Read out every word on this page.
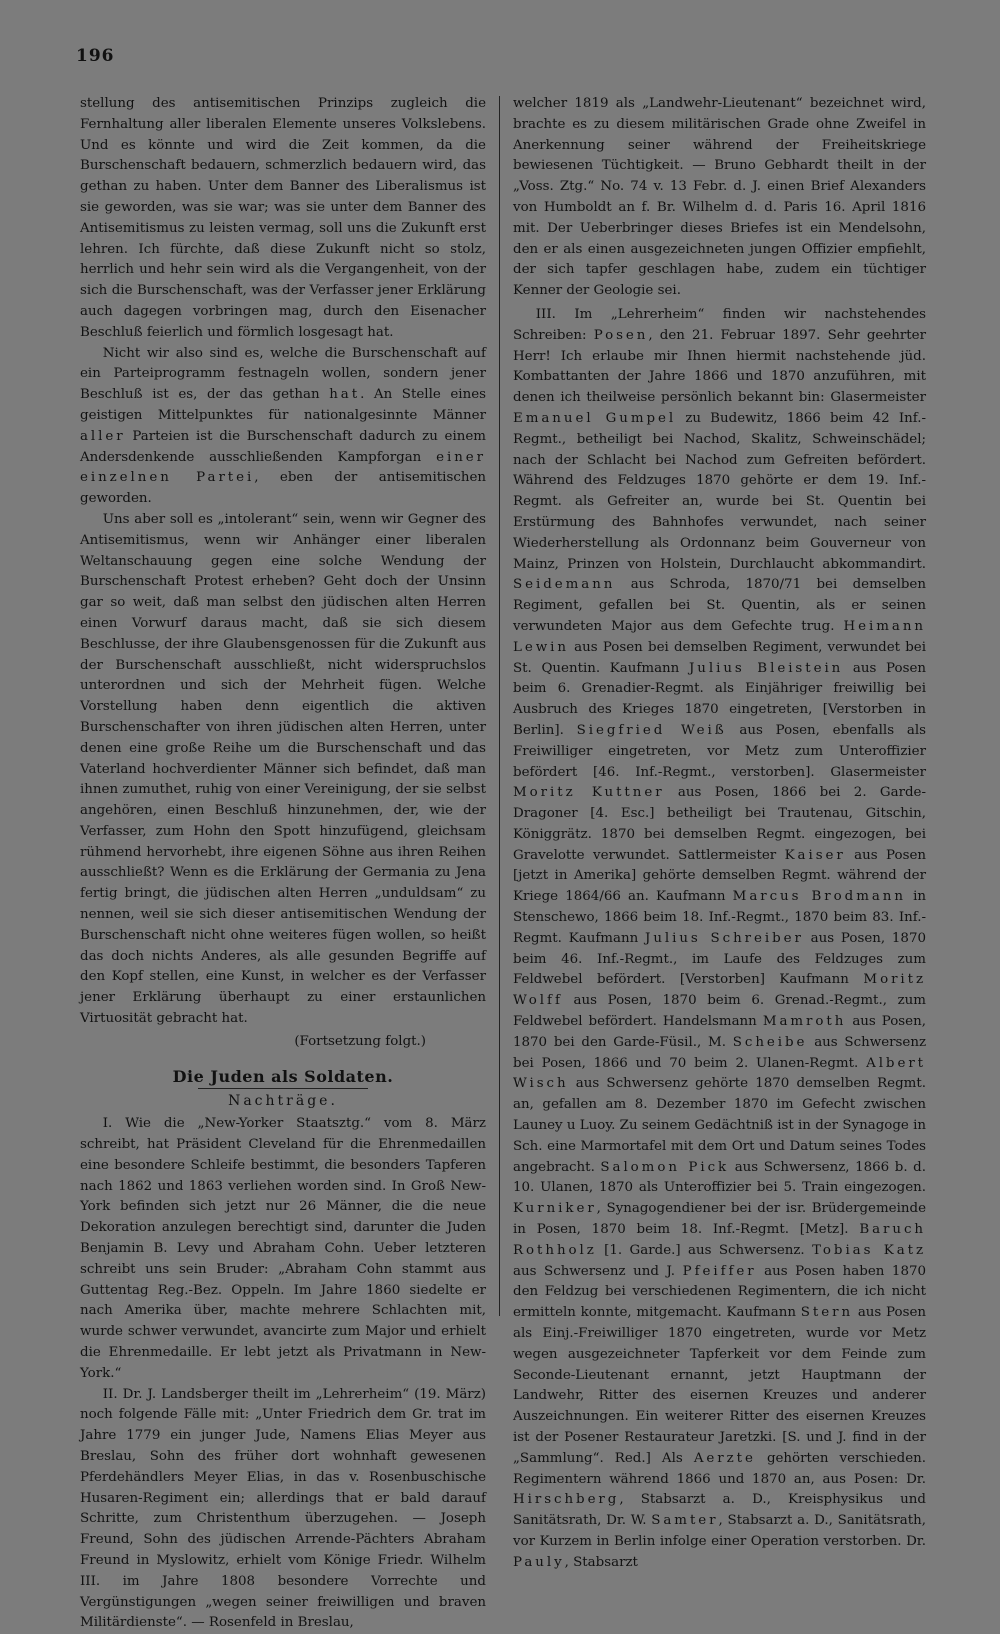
196

stellung des antisemitischen Prinzips zugleich die Fernhaltung aller liberalen Elemente unseres Volkslebens. Und es könnte und wird die Zeit kommen, da die Burschenschaft bedauern, schmerzlich bedauern wird, das gethan zu haben. Unter dem Banner des Liberalismus ist sie geworden, was sie war; was sie unter dem Banner des Antisemitismus zu leisten vermag, soll uns die Zukunft erst lehren. Ich fürchte, daß diese Zukunft nicht so stolz, herrlich und hehr sein wird als die Vergangenheit, von der sich die Burschenschaft, was der Verfasser jener Erklärung auch dagegen vorbringen mag, durch den Eisenacher Beschluß feierlich und förmlich losgesagt hat.

Nicht wir also sind es, welche die Burschenschaft auf ein Parteiprogramm festnageln wollen, sondern jener Beschluß ist es, der das gethan hat. An Stelle eines geistigen Mittelpunktes für nationalgesinnte Männer aller Parteien ist die Burschenschaft dadurch zu einem Andersdenkende ausschließenden Kampforgan einer einzelnen Partei, eben der antisemitischen geworden.

Uns aber soll es „intolerant“ sein, wenn wir Gegner des Antisemitismus, wenn wir Anhänger einer liberalen Weltanschauung gegen eine solche Wendung der Burschenschaft Protest erheben? Geht doch der Unsinn gar so weit, daß man selbst den jüdischen alten Herren einen Vorwurf daraus macht, daß sie sich diesem Beschlusse, der ihre Glaubensgenossen für die Zukunft aus der Burschenschaft ausschließt, nicht widerspruchslos unterordnen und sich der Mehrheit fügen. Welche Vorstellung haben denn eigentlich die aktiven Burschenschafter von ihren jüdischen alten Herren, unter denen eine große Reihe um die Burschenschaft und das Vaterland hochverdienter Männer sich befindet, daß man ihnen zumuthet, ruhig von einer Vereinigung, der sie selbst angehören, einen Beschluß hinzunehmen, der, wie der Verfasser, zum Hohn den Spott hinzufügend, gleichsam rühmend hervorhebt, ihre eigenen Söhne aus ihren Reihen ausschließt? Wenn es die Erklärung der Germania zu Jena fertig bringt, die jüdischen alten Herren „unduldsam“ zu nennen, weil sie sich dieser antisemitischen Wendung der Burschenschaft nicht ohne weiteres fügen wollen, so heißt das doch nichts Anderes, als alle gesunden Begriffe auf den Kopf stellen, eine Kunst, in welcher es der Verfasser jener Erklärung überhaupt zu einer erstaunlichen Virtuosität gebracht hat.

(Fortsetzung folgt.)

Die Juden als Soldaten.

Nachträge.

I. Wie die „New-Yorker Staatsztg.“ vom 8. März schreibt, hat Präsident Cleveland für die Ehrenmedaillen eine besondere Schleife bestimmt, die besonders Tapferen nach 1862 und 1863 verliehen worden sind. In Groß New-York befinden sich jetzt nur 26 Männer, die die neue Dekoration anzulegen berechtigt sind, darunter die Juden Benjamin B. Levy und Abraham Cohn. Ueber letzteren schreibt uns sein Bruder: „Abraham Cohn stammt aus Guttentag Reg.-Bez. Oppeln. Im Jahre 1860 siedelte er nach Amerika über, machte mehrere Schlachten mit, wurde schwer verwundet, avancirte zum Major und erhielt die Ehrenmedaille. Er lebt jetzt als Privatmann in New-York.“

II. Dr. J. Landsberger theilt im „Lehrerheim“ (19. März) noch folgende Fälle mit: „Unter Friedrich dem Gr. trat im Jahre 1779 ein junger Jude, Namens Elias Meyer aus Breslau, Sohn des früher dort wohnhaft gewesenen Pferdehändlers Meyer Elias, in das v. Rosenbuschische Husaren-Regiment ein; allerdings that er bald darauf Schritte, zum Christenthum überzugehen. — Joseph Freund, Sohn des jüdischen Arrende-Pächters Abraham Freund in Myslowitz, erhielt vom Könige Friedr. Wilhelm III. im Jahre 1808 besondere Vorrechte und Vergünstigungen „wegen seiner freiwilligen und braven Militärdienste“. — Rosenfeld in Breslau,

welcher 1819 als „Landwehr-Lieutenant“ bezeichnet wird, brachte es zu diesem militärischen Grade ohne Zweifel in Anerkennung seiner während der Freiheitskriege bewiesenen Tüchtigkeit. — Bruno Gebhardt theilt in der „Voss. Ztg.“ No. 74 v. 13 Febr. d. J. einen Brief Alexanders von Humboldt an f. Br. Wilhelm d. d. Paris 16. April 1816 mit. Der Ueberbringer dieses Briefes ist ein Mendelsohn, den er als einen ausgezeichneten jungen Offizier empfiehlt, der sich tapfer geschlagen habe, zudem ein tüchtiger Kenner der Geologie sei.

III. Im „Lehrerheim“ finden wir nachstehendes Schreiben: Posen, den 21. Februar 1897. Sehr geehrter Herr! Ich erlaube mir Ihnen hiermit nachstehende jüd. Kombattanten der Jahre 1866 und 1870 anzuführen, mit denen ich theilweise persönlich bekannt bin: Glasermeister Emanuel Gumpel zu Budewitz, 1866 beim 42 Inf.-Regmt., betheiligt bei Nachod, Skalitz, Schweinschädel; nach der Schlacht bei Nachod zum Gefreiten befördert. Während des Feldzuges 1870 gehörte er dem 19. Inf.-Regmt. als Gefreiter an, wurde bei St. Quentin bei Erstürmung des Bahnhofes verwundet, nach seiner Wiederherstellung als Ordonnanz beim Gouverneur von Mainz, Prinzen von Holstein, Durchlaucht abkommandirt. Seidemann aus Schroda, 1870/71 bei demselben Regiment, gefallen bei St. Quentin, als er seinen verwundeten Major aus dem Gefechte trug. Heimann Lewin aus Posen bei demselben Regiment, verwundet bei St. Quentin. Kaufmann Julius Bleistein aus Posen beim 6. Grenadier-Regmt. als Einjähriger freiwillig bei Ausbruch des Krieges 1870 eingetreten, [Verstorben in Berlin]. Siegfried Weiß aus Posen, ebenfalls als Freiwilliger eingetreten, vor Metz zum Unteroffizier befördert [46. Inf.-Regmt., verstorben]. Glasermeister Moritz Kuttner aus Posen, 1866 bei 2. Garde-Dragoner [4. Esc.] betheiligt bei Trautenau, Gitschin, Königgrätz. 1870 bei demselben Regmt. eingezogen, bei Gravelotte verwundet. Sattlermeister Kaiser aus Posen [jetzt in Amerika] gehörte demselben Regmt. während der Kriege 1864/66 an. Kaufmann Marcus Brodmann in Stenschewo, 1866 beim 18. Inf.-Regmt., 1870 beim 83. Inf.-Regmt. Kaufmann Julius Schreiber aus Posen, 1870 beim 46. Inf.-Regmt., im Laufe des Feldzuges zum Feldwebel befördert. [Verstorben] Kaufmann Moritz Wolff aus Posen, 1870 beim 6. Grenad.-Regmt., zum Feldwebel befördert. Handelsmann Mamroth aus Posen, 1870 bei den Garde-Füsil., M. Scheibe aus Schwersenz bei Posen, 1866 und 70 beim 2. Ulanen-Regmt. Albert Wisch aus Schwersenz gehörte 1870 demselben Regmt. an, gefallen am 8. Dezember 1870 im Gefecht zwischen Launey u Luoy. Zu seinem Gedächtniß ist in der Synagoge in Sch. eine Marmortafel mit dem Ort und Datum seines Todes angebracht. Salomon Pick aus Schwersenz, 1866 b. d. 10. Ulanen, 1870 als Unteroffizier bei 5. Train eingezogen. Kurniker, Synagogendiener bei der isr. Brüdergemeinde in Posen, 1870 beim 18. Inf.-Regmt. [Metz]. Baruch Rothholz [1. Garde.] aus Schwersenz. Tobias Katz aus Schwersenz und J. Pfeiffer aus Posen haben 1870 den Feldzug bei verschiedenen Regimentern, die ich nicht ermitteln konnte, mitgemacht. Kaufmann Stern aus Posen als Einj.-Freiwilliger 1870 eingetreten, wurde vor Metz wegen ausgezeichneter Tapferkeit vor dem Feinde zum Seconde-Lieutenant ernannt, jetzt Hauptmann der Landwehr, Ritter des eisernen Kreuzes und anderer Auszeichnungen. Ein weiterer Ritter des eisernen Kreuzes ist der Posener Restaurateur Jaretzki. [S. und J. find in der „Sammlung“. Red.] Als Aerzte gehörten verschieden. Regimentern während 1866 und 1870 an, aus Posen: Dr. Hirschberg, Stabsarzt a. D., Kreisphysikus und Sanitätsrath, Dr. W. Samter, Stabsarzt a. D., Sanitätsrath, vor Kurzem in Berlin infolge einer Operation verstorben. Dr. Pauly, Stabsarzt
